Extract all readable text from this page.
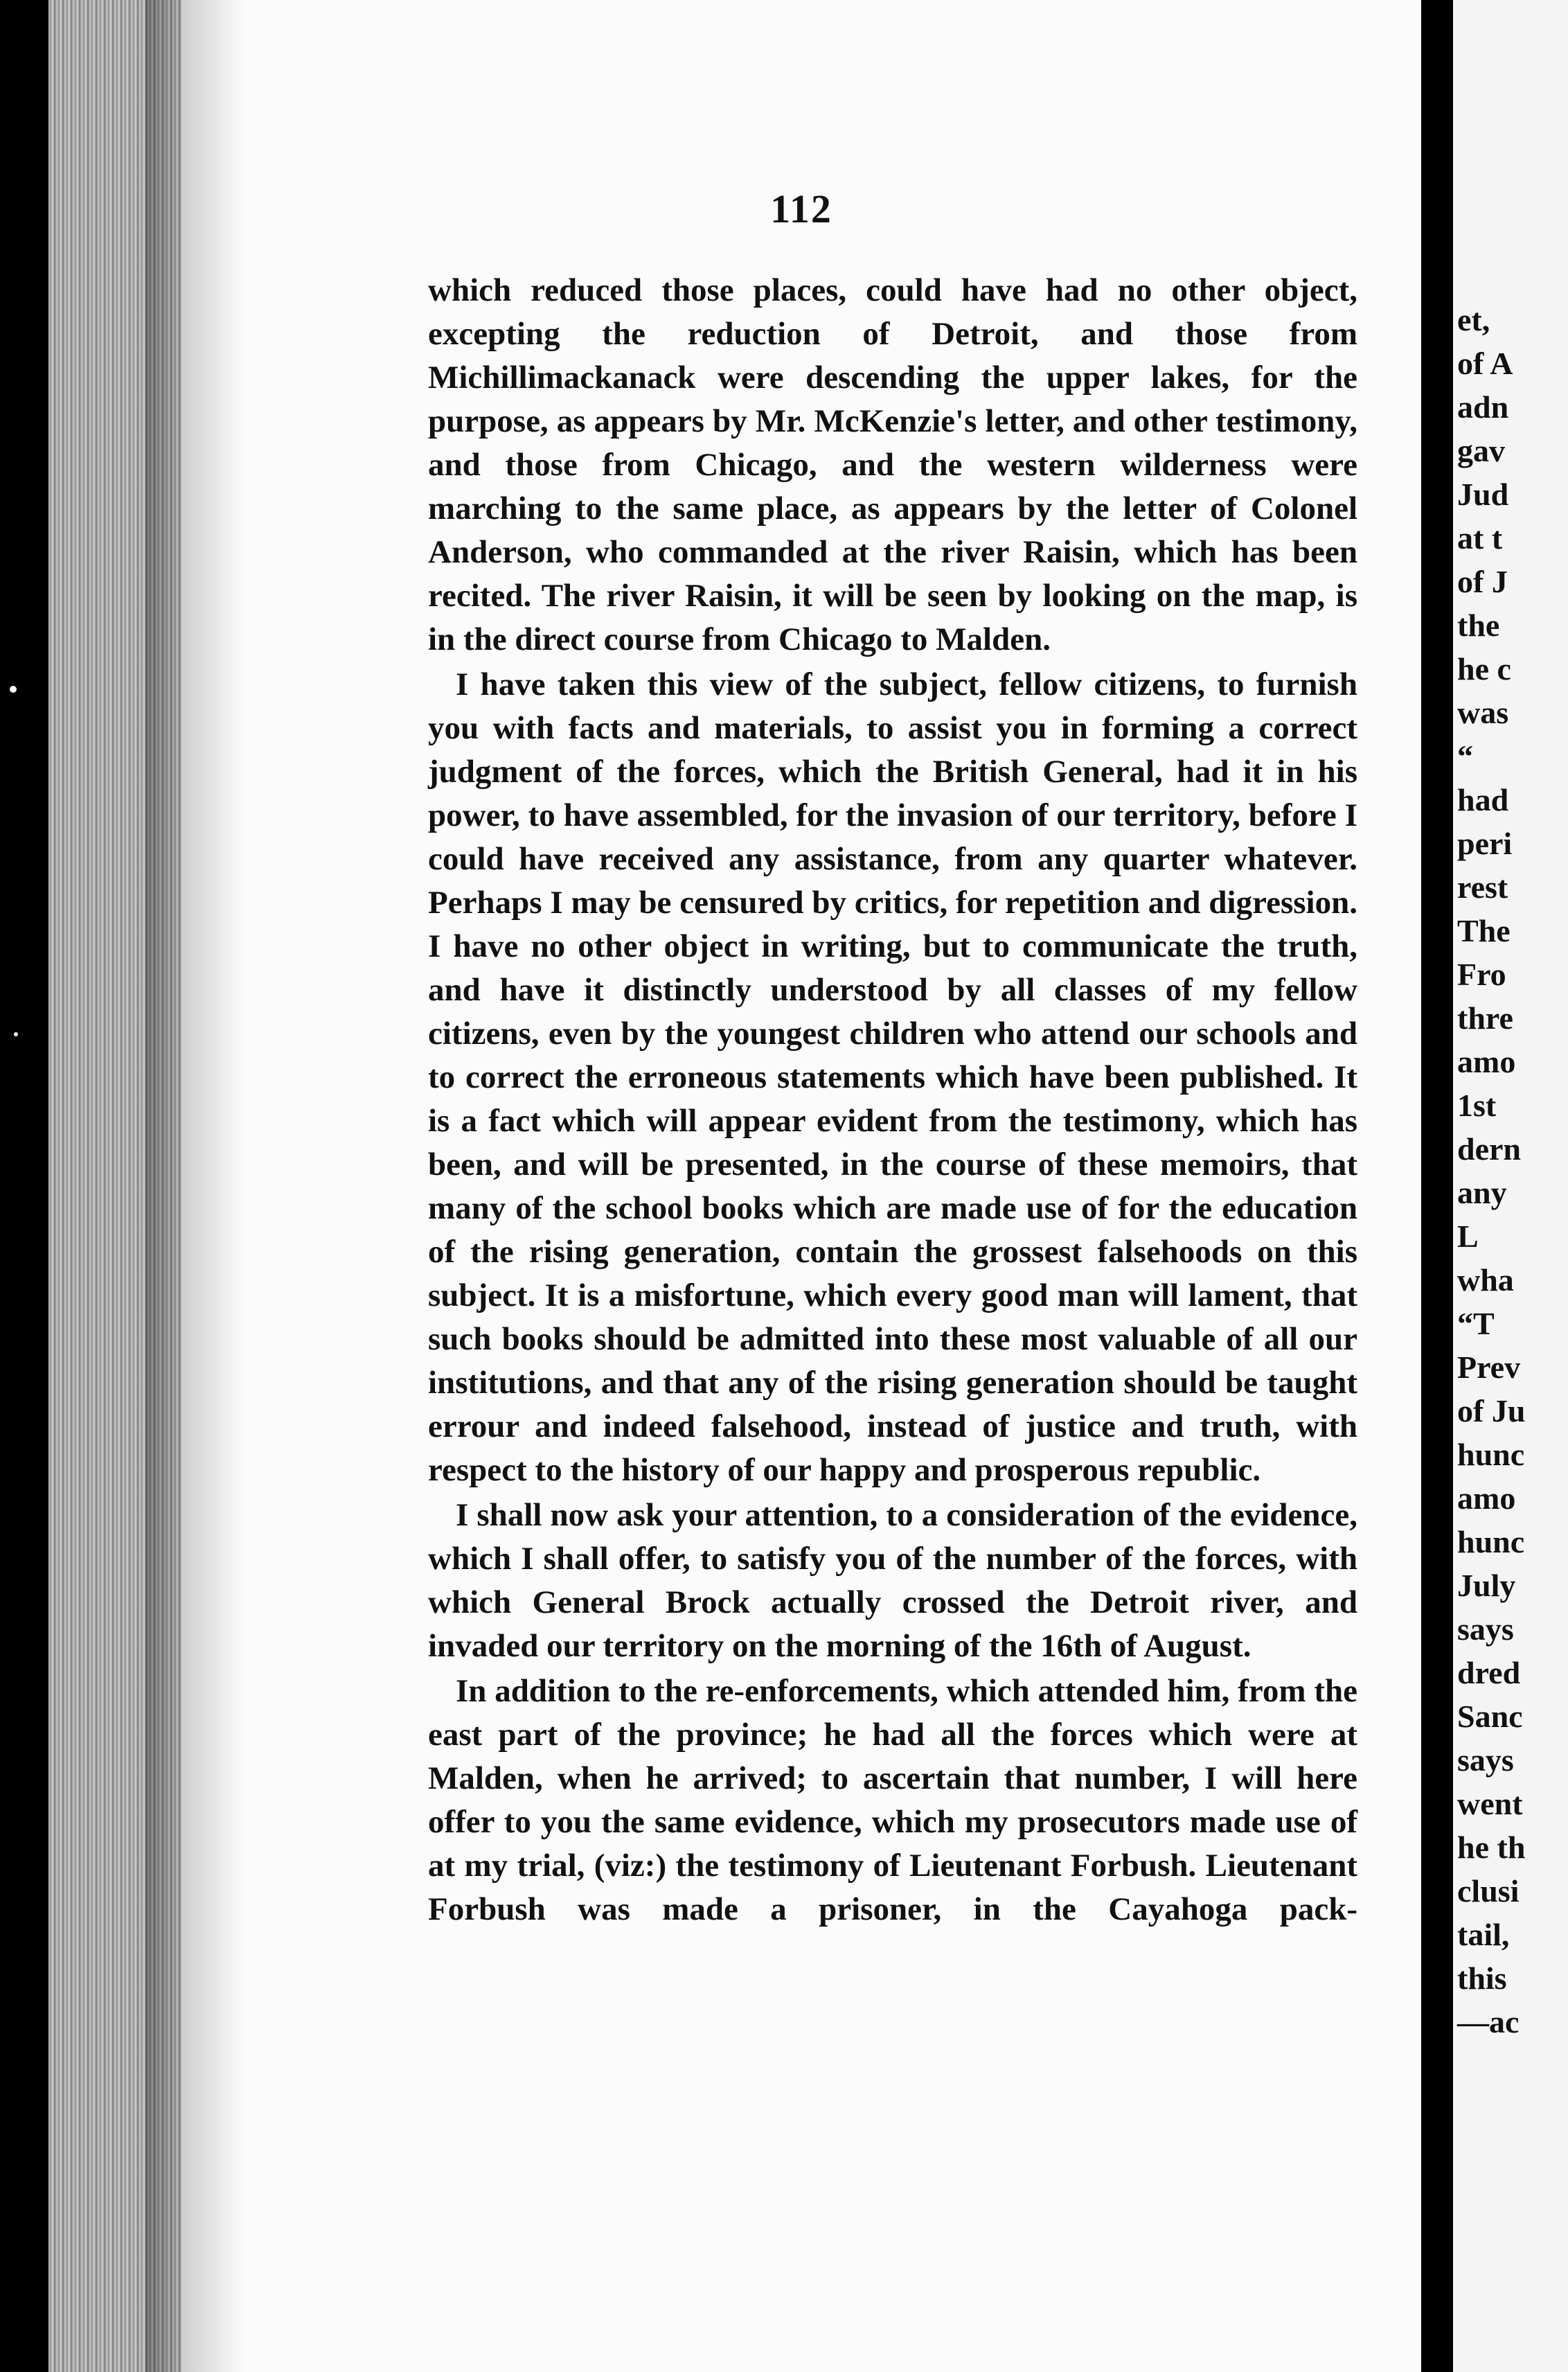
112

which reduced those places, could have had no other object, excepting the reduction of Detroit, and those from Michillimackanack were descending the upper lakes, for the purpose, as appears by Mr. McKenzie's letter, and other testimony, and those from Chicago, and the western wilderness were marching to the same place, as appears by the letter of Colonel Anderson, who commanded at the river Raisin, which has been recited. The river Raisin, it will be seen by looking on the map, is in the direct course from Chicago to Malden.

I have taken this view of the subject, fellow citizens, to furnish you with facts and materials, to assist you in forming a correct judgment of the forces, which the British General, had it in his power, to have assembled, for the invasion of our territory, before I could have received any assistance, from any quarter whatever. Perhaps I may be censured by critics, for repetition and digression. I have no other object in writing, but to communicate the truth, and have it distinctly understood by all classes of my fellow citizens, even by the youngest children who attend our schools and to correct the erroneous statements which have been published. It is a fact which will appear evident from the testimony, which has been, and will be presented, in the course of these memoirs, that many of the school books which are made use of for the education of the rising generation, contain the grossest falsehoods on this subject. It is a misfortune, which every good man will lament, that such books should be admitted into these most valuable of all our institutions, and that any of the rising generation should be taught errour and indeed falsehood, instead of justice and truth, with respect to the history of our happy and prosperous republic.

I shall now ask your attention, to a consideration of the evidence, which I shall offer, to satisfy you of the number of the forces, with which General Brock actually crossed the Detroit river, and invaded our territory on the morning of the 16th of August.

In addition to the re-enforcements, which attended him, from the east part of the province; he had all the forces which were at Malden, when he arrived; to ascertain that number, I will here offer to you the same evidence, which my prosecutors made use of at my trial, (viz:) the testimony of Lieutenant Forbush. Lieutenant Forbush was made a prisoner, in the Cayahoga pack-

et,
of A
adn
gav
Jud
at t
of J
the
he c
was
“
had
peri
rest
The
Fro
thre
amo
1st
dern
any
L
wha
“T
Prev
of Ju
hunc
amo
hunc
July
says
dred
Sanc
says
went
he th
clusi
tail,
this
—ac
